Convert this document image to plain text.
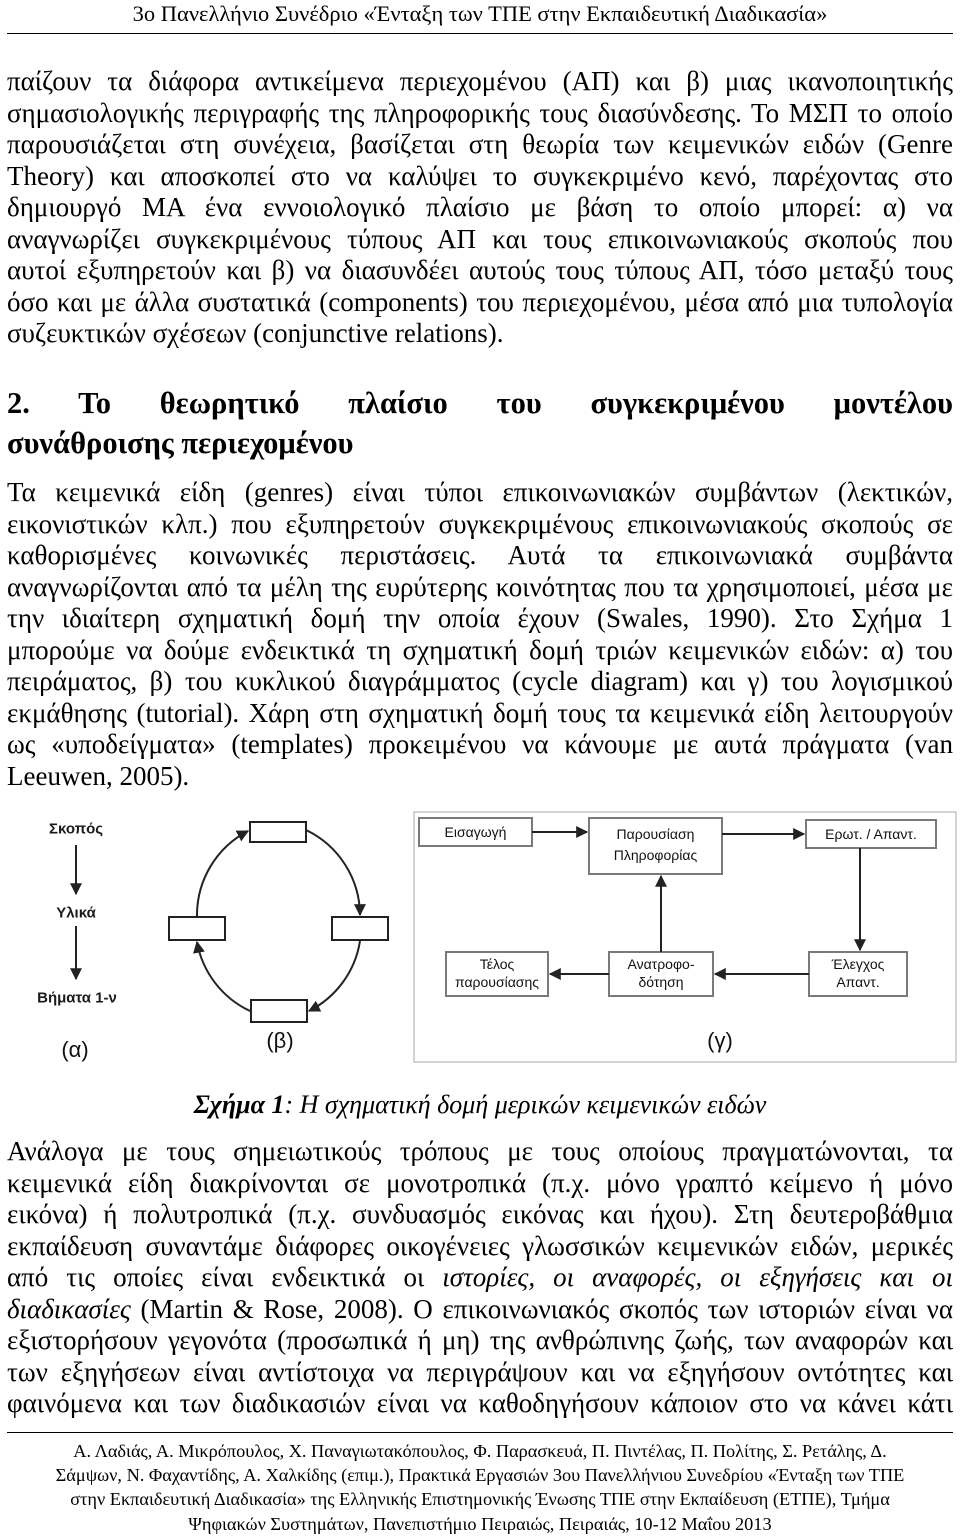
3ο Πανελλήνιο Συνέδριο «Ένταξη των ΤΠΕ στην Εκπαιδευτική Διαδικασία»
παίζουν τα διάφορα αντικείμενα περιεχομένου (ΑΠ) και β) μιας ικανοποιητικής
σημασιολογικής περιγραφής της πληροφορικής τους διασύνδεσης. Το ΜΣΠ το οποίο
παρουσιάζεται στη συνέχεια, βασίζεται στη θεωρία των κειμενικών ειδών (Genre
Theory) και αποσκοπεί στο να καλύψει το συγκεκριμένο κενό, παρέχοντας στο
δημιουργό ΜΑ ένα εννοιολογικό πλαίσιο με βάση το οποίο μπορεί: α) να
αναγνωρίζει συγκεκριμένους τύπους ΑΠ και τους επικοινωνιακούς σκοπούς που
αυτοί εξυπηρετούν και β) να διασυνδέει αυτούς τους τύπους ΑΠ, τόσο μεταξύ τους
όσο και με άλλα συστατικά (components) του περιεχομένου, μέσα από μια τυπολογία
συζευκτικών σχέσεων (conjunctive relations).
2. Το θεωρητικό πλαίσιο του συγκεκριμένου μοντέλου
συνάθροισης περιεχομένου
Τα κειμενικά είδη (genres) είναι τύποι επικοινωνιακών συμβάντων (λεκτικών,
εικονιστικών κλπ.) που εξυπηρετούν συγκεκριμένους επικοινωνιακούς σκοπούς σε
καθορισμένες κοινωνικές περιστάσεις. Αυτά τα επικοινωνιακά συμβάντα
αναγνωρίζονται από τα μέλη της ευρύτερης κοινότητας που τα χρησιμοποιεί, μέσα με
την ιδιαίτερη σχηματική δομή την οποία έχουν (Swales, 1990). Στο Σχήμα 1
μπορούμε να δούμε ενδεικτικά τη σχηματική δομή τριών κειμενικών ειδών: α) του
πειράματος, β) του κυκλικού διαγράμματος (cycle diagram) και γ) του λογισμικού
εκμάθησης (tutorial). Χάρη στη σχηματική δομή τους τα κειμενικά είδη λειτουργούν
ως «υποδείγματα» (templates) προκειμένου να κάνουμε με αυτά πράγματα (van
Leeuwen, 2005).
Σκοπός
Υλικά
Βήματα 1-ν
(α)	(β)
Εισαγωγή	Παρουσίαση
Πληροφορίας
Ερωτ. / Απαντ.
Τέλος
παρουσίασης
Ανατροφο-
δότηση
Έλεγχος
Απαντ.
(γ)
Σχήμα 1: Η σχηματική δομή μερικών κειμενικών ειδών
Ανάλογα με τους σημειωτικούς τρόπους με τους οποίους πραγματώνονται, τα
κειμενικά είδη διακρίνονται σε μονοτροπικά (π.χ. μόνο γραπτό κείμενο ή μόνο
εικόνα) ή πολυτροπικά (π.χ. συνδυασμός εικόνας και ήχου). Στη δευτεροβάθμια
εκπαίδευση συναντάμε διάφορες οικογένειες γλωσσικών κειμενικών ειδών, μερικές
από τις οποίες είναι ενδεικτικά οι ιστορίες, οι αναφορές, οι εξηγήσεις και οι
διαδικασίες (Martin & Rose, 2008). Ο επικοινωνιακός σκοπός των ιστοριών είναι να
εξιστορήσουν γεγονότα (προσωπικά ή μη) της ανθρώπινης ζωής, των αναφορών και
των εξηγήσεων είναι αντίστοιχα να περιγράψουν και να εξηγήσουν οντότητες και
φαινόμενα και των διαδικασιών είναι να καθοδηγήσουν κάποιον στο να κάνει κάτι
Α. Λαδιάς, Α. Μικρόπουλος, Χ. Παναγιωτακόπουλος, Φ. Παρασκευά, Π. Πιντέλας, Π. Πολίτης, Σ. Ρετάλης, Δ.
Σάμψων, Ν. Φαχαντίδης, Α. Χαλκίδης (επιμ.), Πρακτικά Εργασιών 3ου Πανελλήνιου Συνεδρίου «Ένταξη των ΤΠΕ
στην Εκπαιδευτική Διαδικασία» της Ελληνικής Επιστημονικής Ένωσης ΤΠΕ στην Εκπαίδευση (ΕΤΠΕ), Τμήμα
Ψηφιακών Συστημάτων, Πανεπιστήμιο Πειραιώς, Πειραιάς, 10-12 Μαΐου 2013
